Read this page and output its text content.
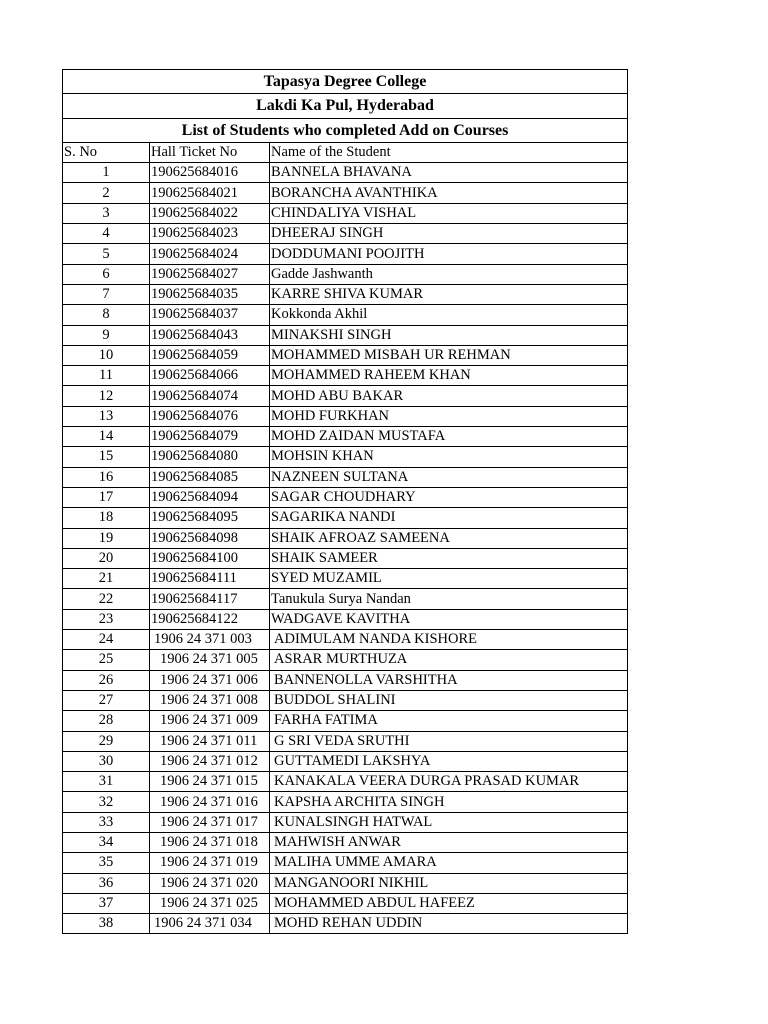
Tapasya Degree College		
Lakdi Ka Pul, Hyderabad		
List of Students who completed Add on Courses		
S. No	Hall Ticket No	Name of the Student
1	190625684016	BANNELA BHAVANA
2	190625684021	BORANCHA AVANTHIKA
3	190625684022	CHINDALIYA VISHAL
4	190625684023	DHEERAJ SINGH
5	190625684024	DODDUMANI POOJITH
6	190625684027	Gadde Jashwanth
7	190625684035	KARRE SHIVA KUMAR
8	190625684037	Kokkonda Akhil
9	190625684043	MINAKSHI SINGH
10	190625684059	MOHAMMED MISBAH UR REHMAN
11	190625684066	MOHAMMED RAHEEM KHAN
12	190625684074	MOHD ABU BAKAR
13	190625684076	MOHD FURKHAN
14	190625684079	MOHD ZAIDAN MUSTAFA
15	190625684080	MOHSIN KHAN
16	190625684085	NAZNEEN SULTANA
17	190625684094	SAGAR CHOUDHARY
18	190625684095	SAGARIKA NANDI
19	190625684098	SHAIK AFROAZ SAMEENA
20	190625684100	SHAIK SAMEER
21	190625684111	SYED MUZAMIL
22	190625684117	Tanukula Surya Nandan
23	190625684122	WADGAVE KAVITHA
24	1906 24 371 003	ADIMULAM NANDA KISHORE
25	1906 24 371 005	ASRAR MURTHUZA
26	1906 24 371 006	BANNENOLLA VARSHITHA
27	1906 24 371 008	BUDDOL SHALINI
28	1906 24 371 009	FARHA FATIMA
29	1906 24 371 011	G SRI VEDA SRUTHI
30	1906 24 371 012	GUTTAMEDI LAKSHYA
31	1906 24 371 015	KANAKALA VEERA DURGA PRASAD KUMAR
32	1906 24 371 016	KAPSHA ARCHITA SINGH
33	1906 24 371 017	KUNALSINGH HATWAL
34	1906 24 371 018	MAHWISH ANWAR
35	1906 24 371 019	MALIHA UMME AMARA
36	1906 24 371 020	MANGANOORI NIKHIL
37	1906 24 371 025	MOHAMMED ABDUL HAFEEZ
38	1906 24 371 034	MOHD REHAN UDDIN
